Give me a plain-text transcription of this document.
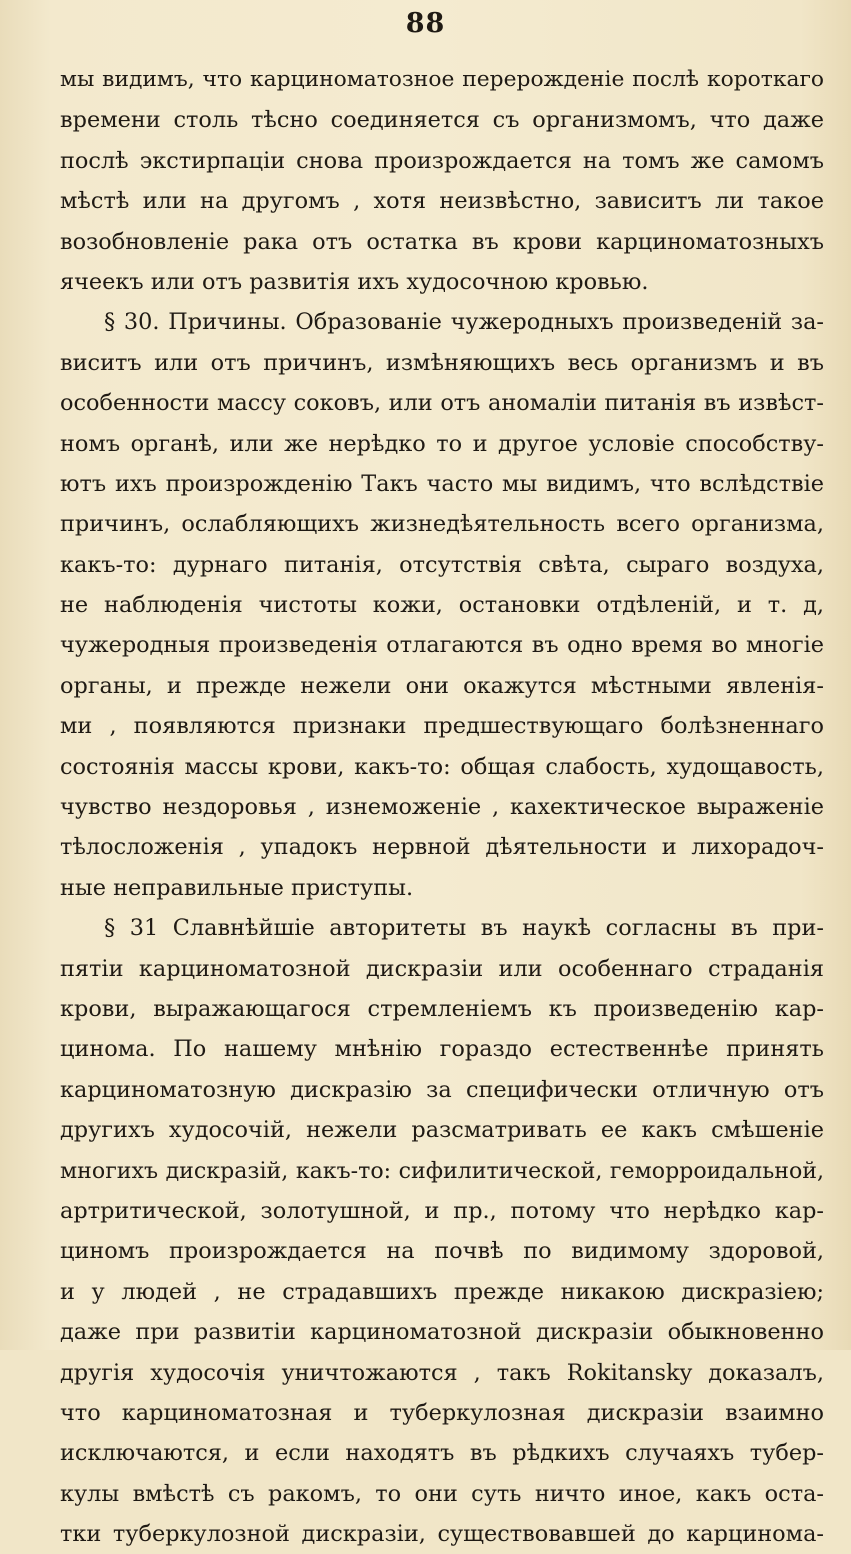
88
мы видимъ, что карциноматозное перерожденіе послѣ короткаго
времени столь тѣсно соединяется съ организмомъ, что даже
послѣ экстирпаціи снова произрождается на томъ же самомъ
мѣстѣ или на другомъ , хотя неизвѣстно, зависитъ ли такое
возобновленіе рака отъ остатка въ крови карциноматозныхъ
ячеекъ или отъ развитія ихъ худосочною кровью.
§ 30. Причины. Образованіе чужеродныхъ произведеній за-
виситъ или отъ причинъ, измѣняющихъ весь организмъ и въ
особенности массу соковъ, или отъ аномаліи питанія въ извѣст-
номъ органѣ, или же нерѣдко то и другое условіе способству-
ютъ ихъ произрожденію Такъ часто мы видимъ, что вслѣдствіе
причинъ, ослабляющихъ жизнедѣятельность всего организма,
какъ-то: дурнаго питанія, отсутствія свѣта, сыраго воздуха,
не наблюденія чистоты кожи, остановки отдѣленій, и т. д,
чужеродныя произведенія отлагаются въ одно время во многіе
органы, и прежде нежели они окажутся мѣстными явленія-
ми , появляются признаки предшествующаго болѣзненнаго
состоянія массы крови, какъ-то: общая слабость, худощавость,
чувство нездоровья , изнеможеніе , кахектическое выраженіе
тѣлосложенія , упадокъ нервной дѣятельности и лихорадоч-
ные неправильные приступы.
§ 31 Славнѣйшіе авторитеты въ наукѣ согласны въ при-
пятіи карциноматозной дискразіи или особеннаго страданія
крови, выражающагося стремленіемъ къ произведенію кар-
цинома. По нашему мнѣнію гораздо естественнѣе принять
карциноматозную дискразію за специфически отличную отъ
другихъ худосочій, нежели разсматривать ее какъ смѣшеніе
многихъ дискразій, какъ-то: сифилитической, геморроидальной,
артритической, золотушной, и пр., потому что нерѣдко кар-
циномъ произрождается на почвѣ по видимому здоровой,
и у людей , не страдавшихъ прежде никакою дискразіею;
даже при развитіи карциноматозной дискразіи обыкновенно
другія худосочія уничтожаются , такъ Rokitansky доказалъ,
что карциноматозная и туберкулозная дискразіи взаимно
исключаются, и если находятъ въ рѣдкихъ случаяхъ тубер-
кулы вмѣстѣ съ ракомъ, то они суть ничто иное, какъ оста-
тки туберкулозной дискразіи, существовавшей до карцинома-
